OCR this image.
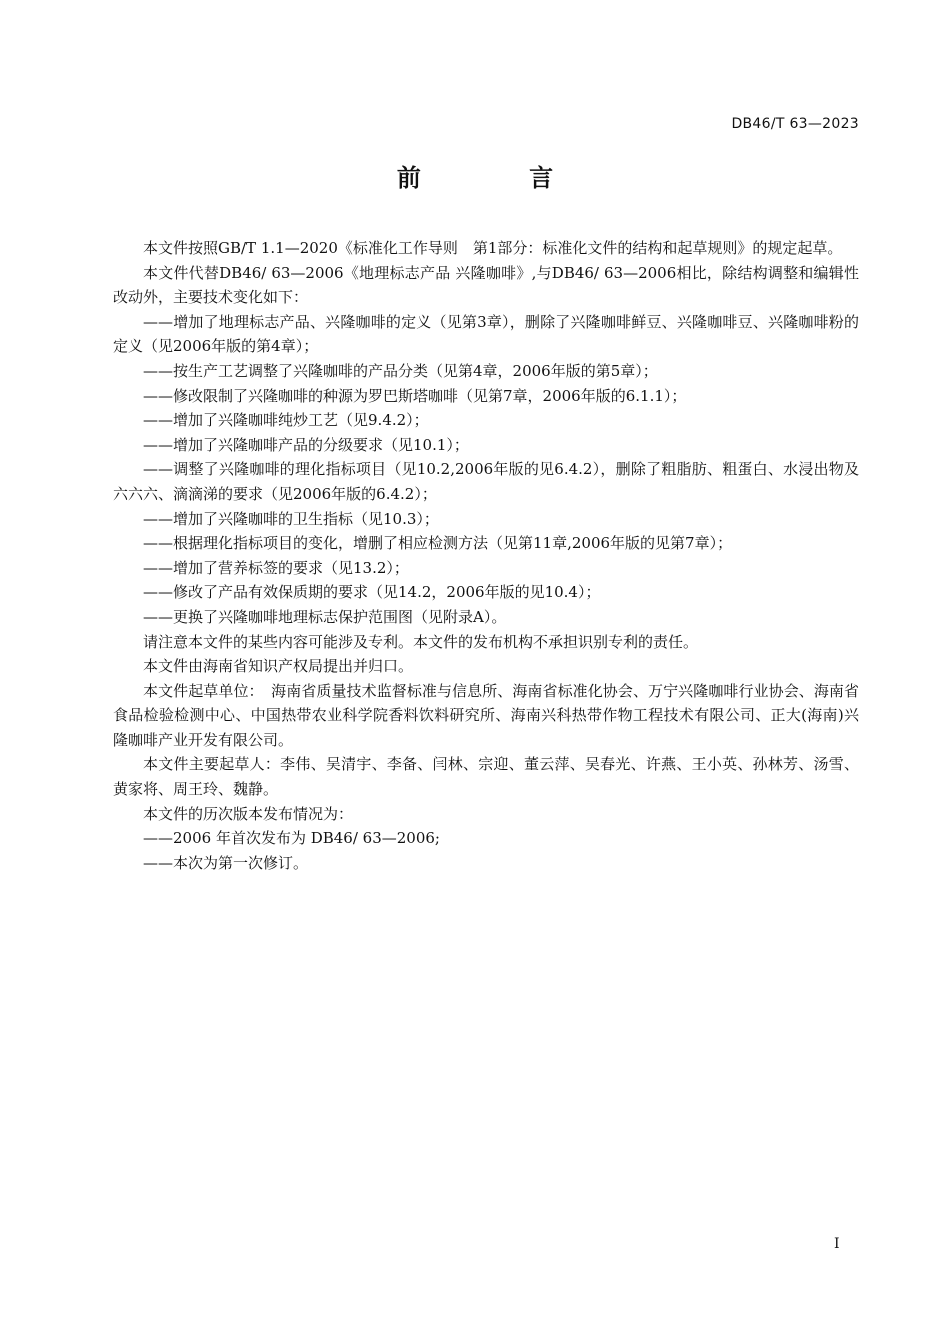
DB46/T 63—2023
前 言

本文件按照GB/T 1.1—2020《标准化工作导则　第1部分：标准化文件的结构和起草规则》的规定起草。

本文件代替DB46/ 63—2006《地理标志产品 兴隆咖啡》,与DB46/ 63—2006相比，除结构调整和编辑性改动外，主要技术变化如下：

——增加了地理标志产品、兴隆咖啡的定义（见第3章），删除了兴隆咖啡鲜豆、兴隆咖啡豆、兴隆咖啡粉的定义（见2006年版的第4章）；

——按生产工艺调整了兴隆咖啡的产品分类（见第4章，2006年版的第5章）；

——修改限制了兴隆咖啡的种源为罗巴斯塔咖啡（见第7章，2006年版的6.1.1）；

——增加了兴隆咖啡纯炒工艺（见9.4.2）；

——增加了兴隆咖啡产品的分级要求（见10.1）；

——调整了兴隆咖啡的理化指标项目（见10.2,2006年版的见6.4.2），删除了粗脂肪、粗蛋白、水浸出物及六六六、滴滴涕的要求（见2006年版的6.4.2）；

——增加了兴隆咖啡的卫生指标（见10.3）；

——根据理化指标项目的变化，增删了相应检测方法（见第11章,2006年版的见第7章）；

——增加了营养标签的要求（见13.2）；

——修改了产品有效保质期的要求（见14.2，2006年版的见10.4）；

——更换了兴隆咖啡地理标志保护范围图（见附录A）。

请注意本文件的某些内容可能涉及专利。本文件的发布机构不承担识别专利的责任。

本文件由海南省知识产权局提出并归口。

本文件起草单位：　海南省质量技术监督标准与信息所、海南省标准化协会、万宁兴隆咖啡行业协会、海南省食品检验检测中心、中国热带农业科学院香料饮料研究所、海南兴科热带作物工程技术有限公司、正大(海南)兴隆咖啡产业开发有限公司。

本文件主要起草人：李伟、吴清宇、李备、闫林、宗迎、董云萍、吴春光、许燕、王小英、孙林芳、汤雪、黄家将、周王玲、魏静。

本文件的历次版本发布情况为：

——2006 年首次发布为 DB46/ 63—2006;

——本次为第一次修订。

I
